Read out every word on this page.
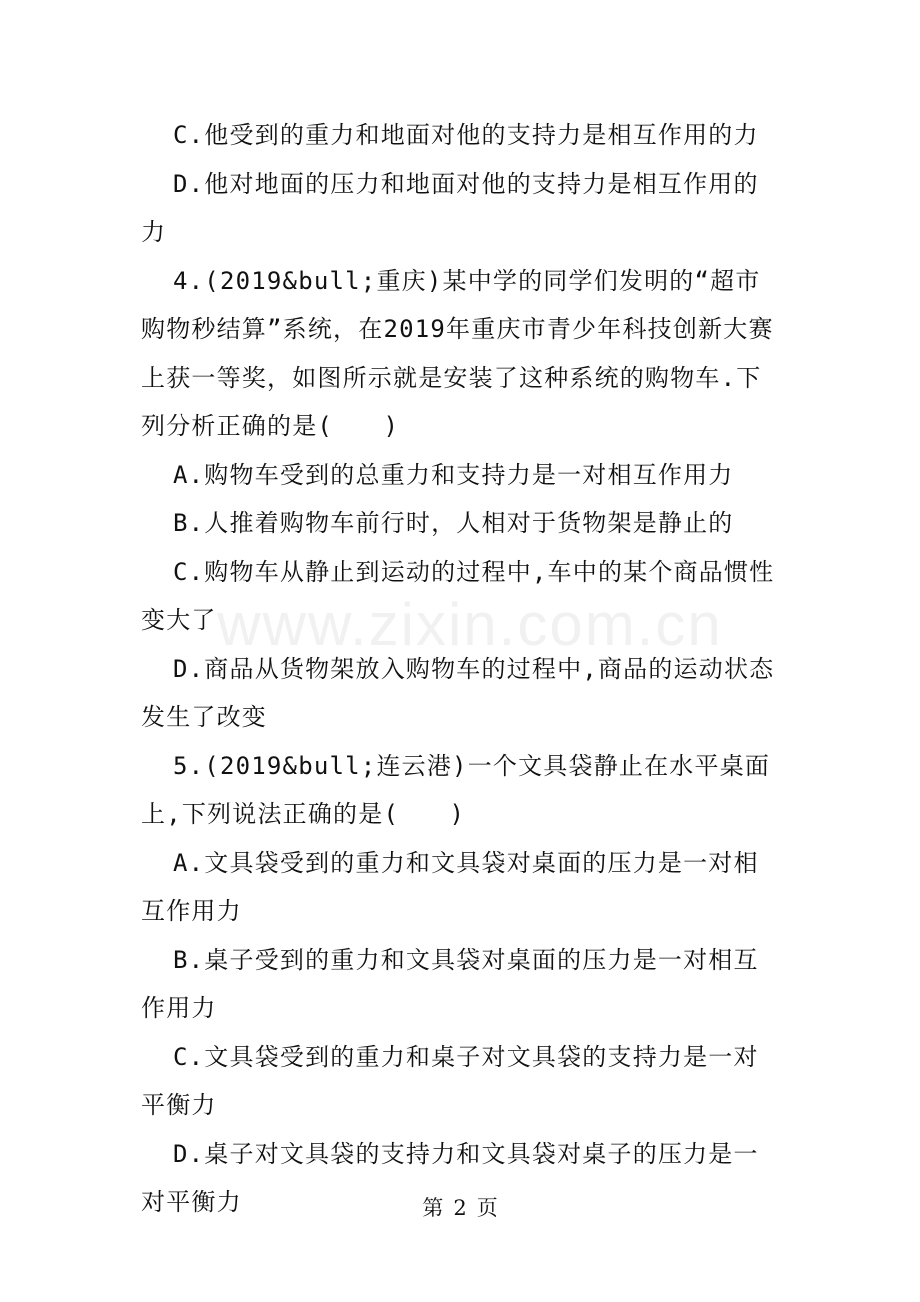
www.zixin.com.cn

C.他受到的重力和地面对他的支持力是相互作用的力

D.他对地面的压力和地面对他的支持力是相互作用的力

4.(2019&bull;重庆)某中学的同学们发明的“超市购物秒结算”系统，在2019年重庆市青少年科技创新大赛上获一等奖，如图所示就是安装了这种系统的购物车.下列分析正确的是(　　)

A.购物车受到的总重力和支持力是一对相互作用力

B.人推着购物车前行时，人相对于货物架是静止的

C.购物车从静止到运动的过程中,车中的某个商品惯性变大了

D.商品从货物架放入购物车的过程中,商品的运动状态发生了改变

5.(2019&bull;连云港)一个文具袋静止在水平桌面上,下列说法正确的是(　　)

A.文具袋受到的重力和文具袋对桌面的压力是一对相互作用力

B.桌子受到的重力和文具袋对桌面的压力是一对相互作用力

C.文具袋受到的重力和桌子对文具袋的支持力是一对平衡力

D.桌子对文具袋的支持力和文具袋对桌子的压力是一对平衡力	第 2 页
